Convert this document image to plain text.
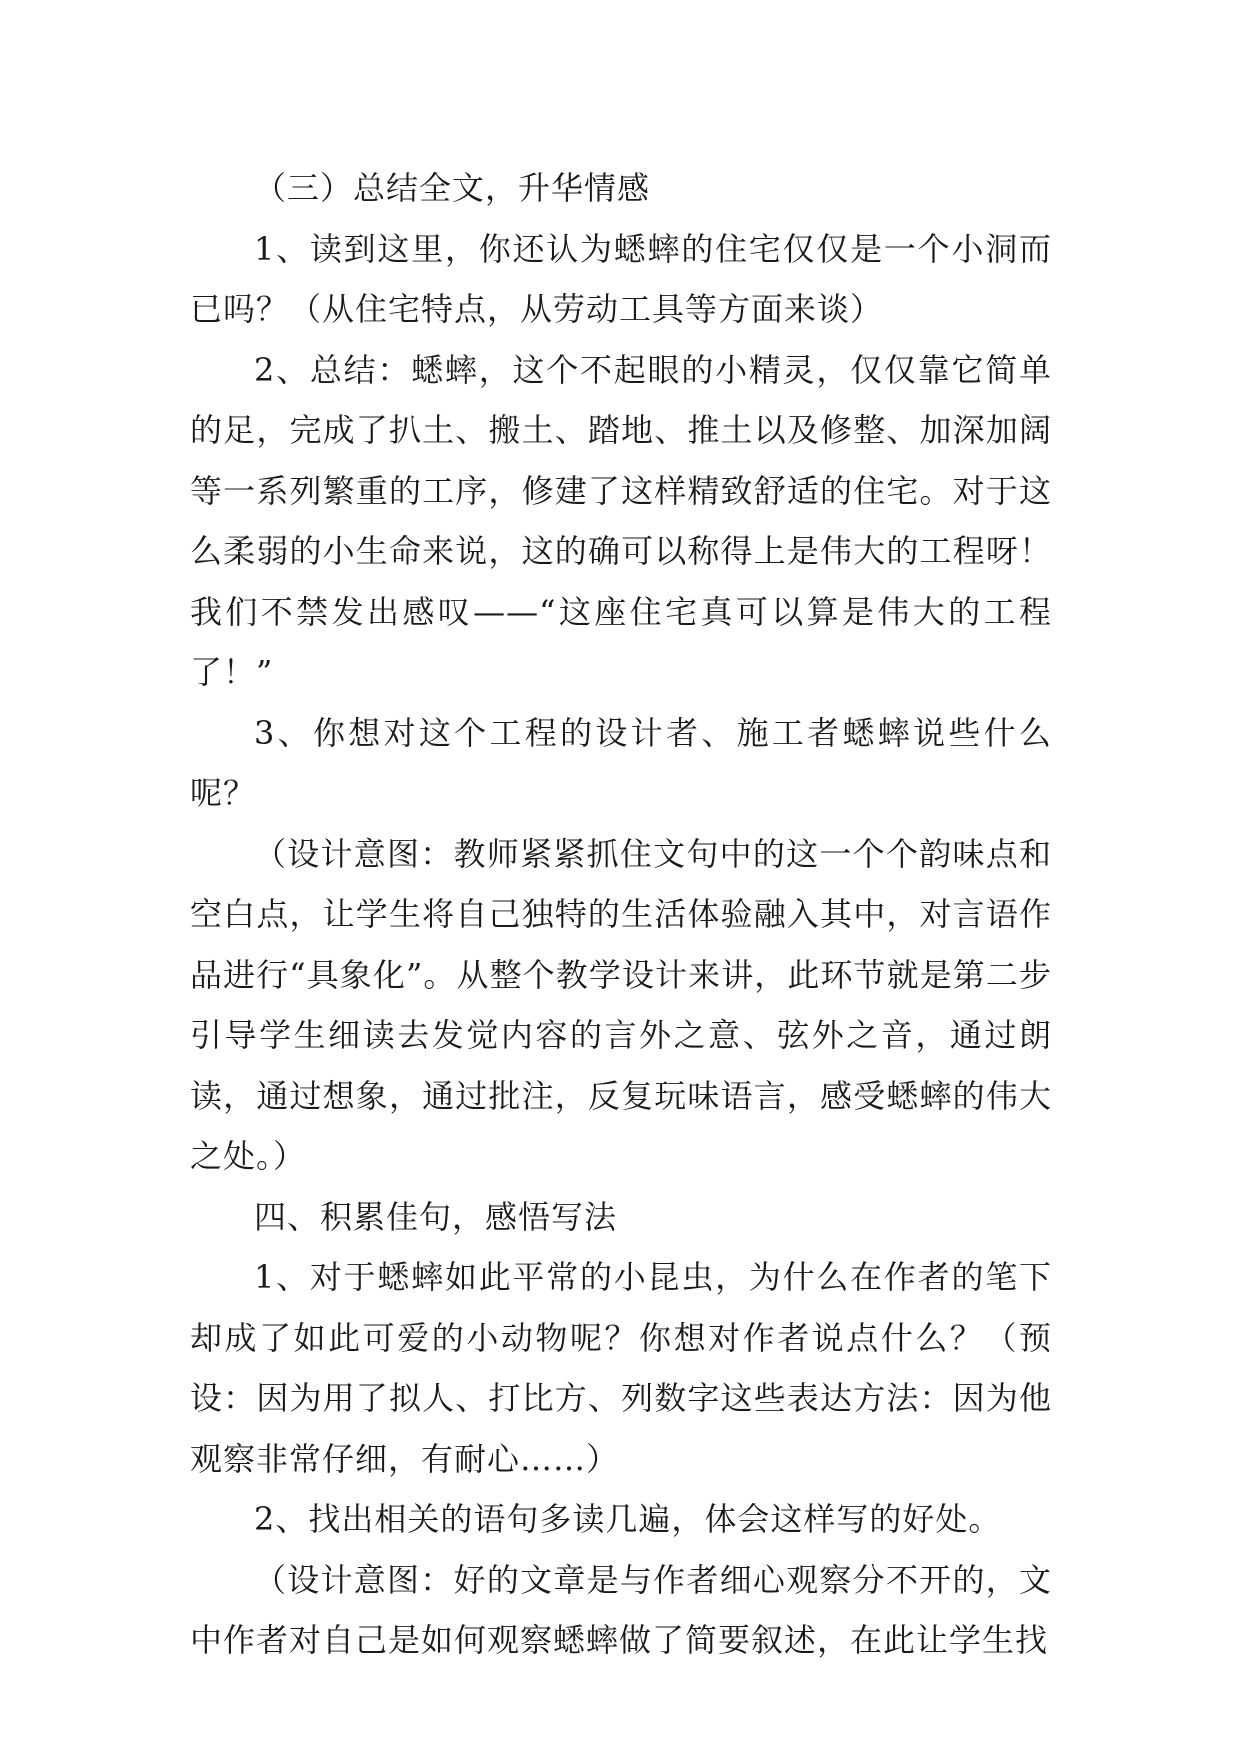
（三）总结全文，升华情感

1、读到这里，你还认为蟋蟀的住宅仅仅是一个小洞而已吗？（从住宅特点，从劳动工具等方面来谈）

2、总结：蟋蟀，这个不起眼的小精灵，仅仅靠它简单的足，完成了扒土、搬土、踏地、推土以及修整、加深加阔等一系列繁重的工序，修建了这样精致舒适的住宅。对于这么柔弱的小生命来说，这的确可以称得上是伟大的工程呀！我们不禁发出感叹——“这座住宅真可以算是伟大的工程了！”

3、你想对这个工程的设计者、施工者蟋蟀说些什么呢？

（设计意图：教师紧紧抓住文句中的这一个个韵味点和空白点，让学生将自己独特的生活体验融入其中，对言语作品进行“具象化”。从整个教学设计来讲，此环节就是第二步引导学生细读去发觉内容的言外之意、弦外之音，通过朗读，通过想象，通过批注，反复玩味语言，感受蟋蟀的伟大之处。）

四、积累佳句，感悟写法

1、对于蟋蟀如此平常的小昆虫，为什么在作者的笔下却成了如此可爱的小动物呢？你想对作者说点什么？（预设：因为用了拟人、打比方、列数字这些表达方法：因为他观察非常仔细，有耐心……）

2、找出相关的语句多读几遍，体会这样写的好处。

（设计意图：好的文章是与作者细心观察分不开的，文中作者对自己是如何观察蟋蟀做了简要叙述，在此让学生找
